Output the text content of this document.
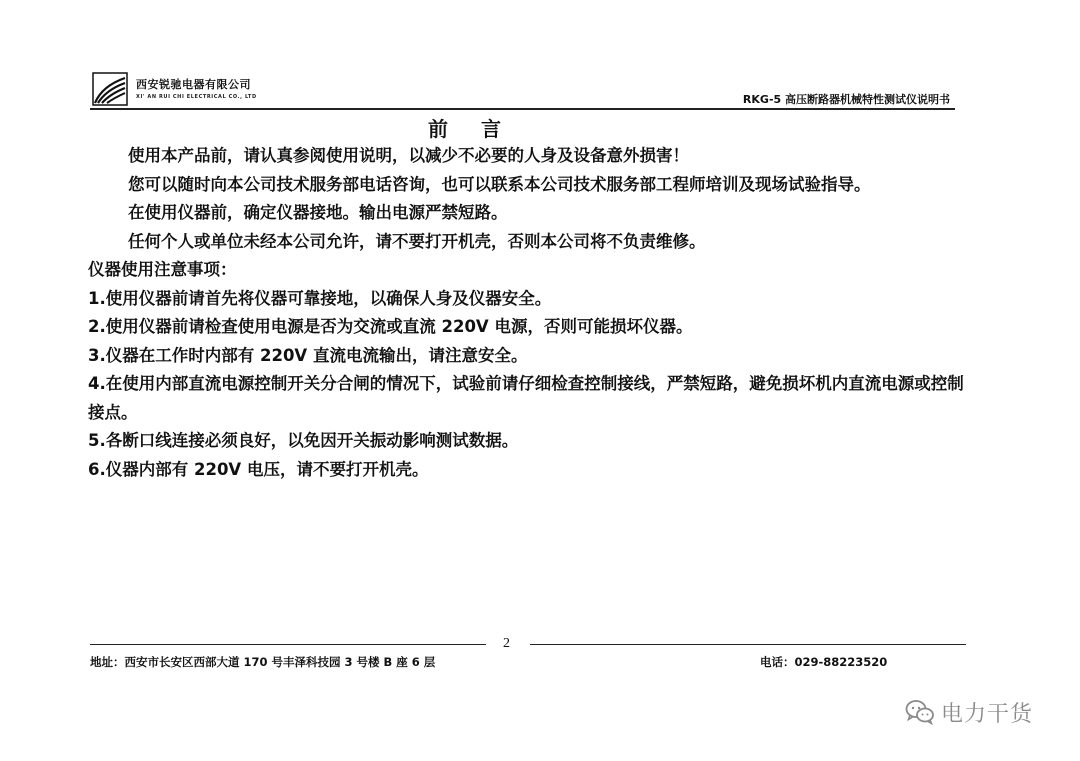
西安锐驰电器有限公司
XI' AN RUI CHI ELECTRICAL CO., LTD	RKG-5 高压断路器机械特性测试仪说明书
前 言

使用本产品前，请认真参阅使用说明，以减少不必要的人身及设备意外损害！

您可以随时向本公司技术服务部电话咨询，也可以联系本公司技术服务部工程师培训及现场试验指导。

在使用仪器前，确定仪器接地。输出电源严禁短路。

任何个人或单位未经本公司允许，请不要打开机壳，否则本公司将不负责维修。

仪器使用注意事项：

1.使用仪器前请首先将仪器可靠接地，以确保人身及仪器安全。

2.使用仪器前请检查使用电源是否为交流或直流 220V 电源，否则可能损坏仪器。

3.仪器在工作时内部有 220V 直流电流输出，请注意安全。

4.在使用内部直流电源控制开关分合闸的情况下，试验前请仔细检查控制接线，严禁短路，避免损坏机内直流电源或控制接点。

5.各断口线连接必须良好，以免因开关振动影响测试数据。

6.仪器内部有 220V 电压，请不要打开机壳。

2
地址：西安市长安区西部大道 170 号丰泽科技园 3 号楼 B 座 6 层	电话：029-88223520
电力干货
